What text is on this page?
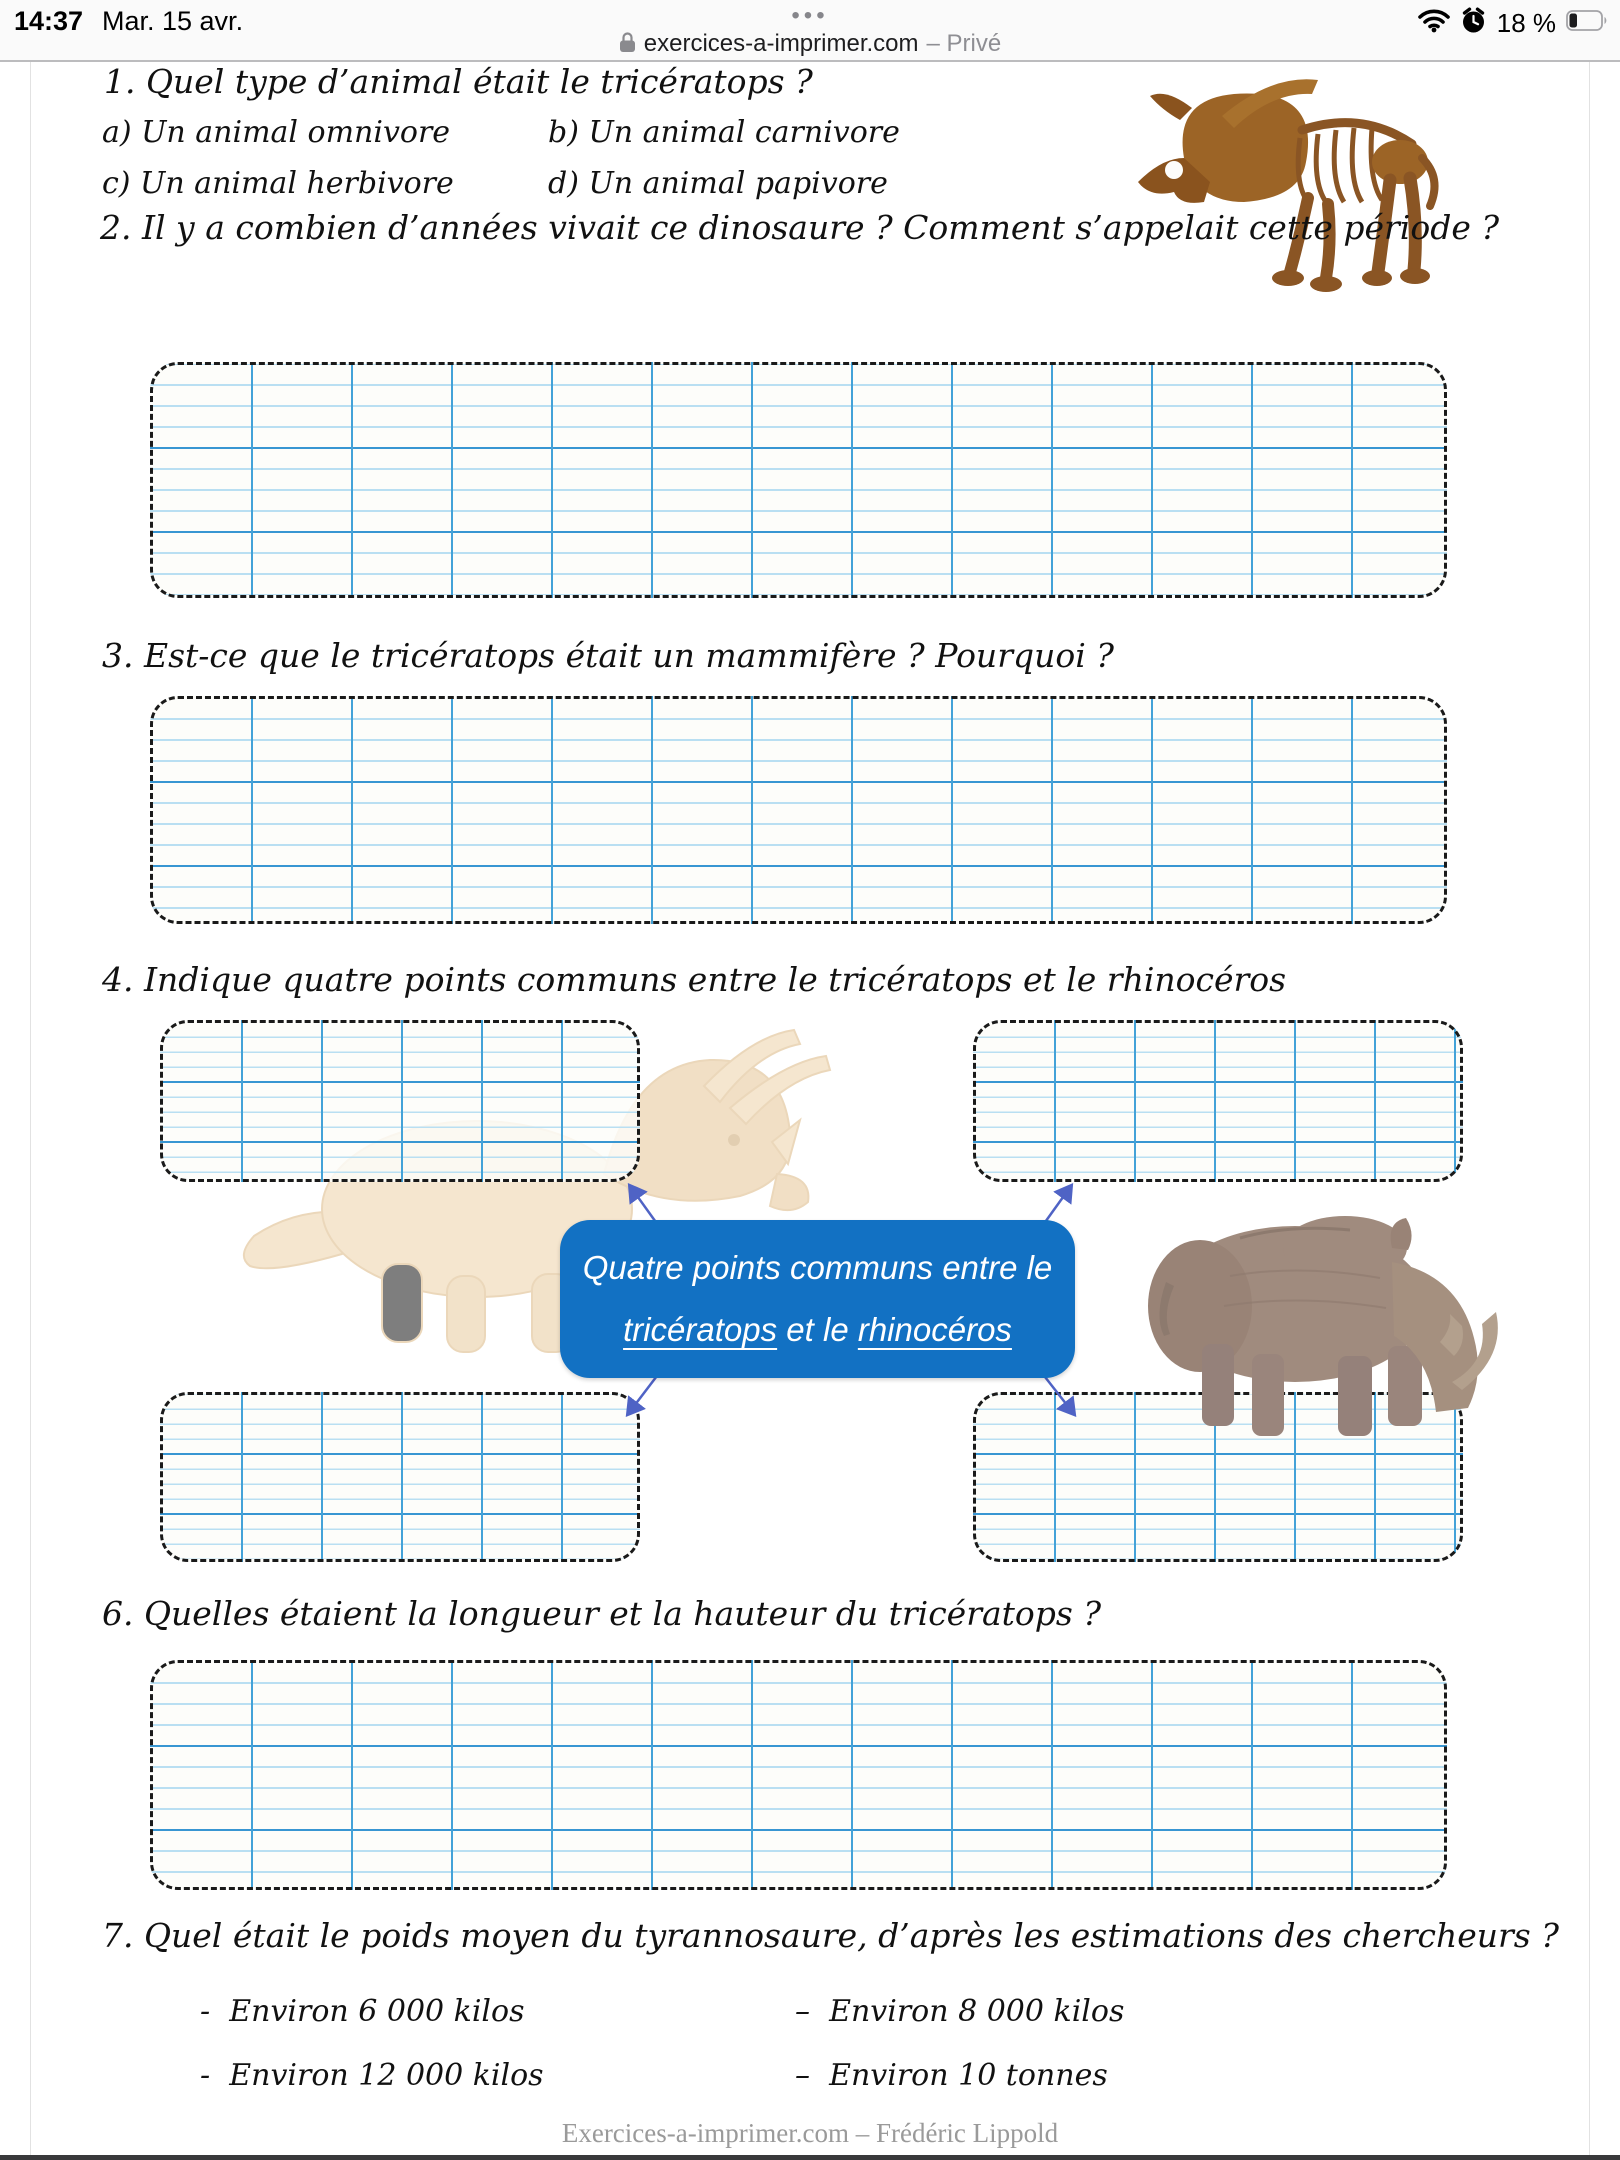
14:37 Mar. 15 avr.	•••	18 %
exercices-a-imprimer.com – Privé
1. Quel type d’animal était le tricératops ?
a) Un animal omnivore	b) Un animal carnivore
c) Un animal herbivore	d) Un animal papivore
2. Il y a combien d’années vivait ce dinosaure ? Comment s’appelait cette période ?
3. Est-ce que le tricératops était un mammifère ? Pourquoi ?
4. Indique quatre points communs entre le tricératops et le rhinocéros
Quatre points communs entre le
tricératops et le rhinocéros
6. Quelles étaient la longueur et la hauteur du tricératops ?
7. Quel était le poids moyen du tyrannosaure, d’après les estimations des chercheurs ?
- Environ 6 000 kilos	– Environ 8 000 kilos
- Environ 12 000 kilos	– Environ 10 tonnes
Exercices-a-imprimer.com – Frédéric Lippold
